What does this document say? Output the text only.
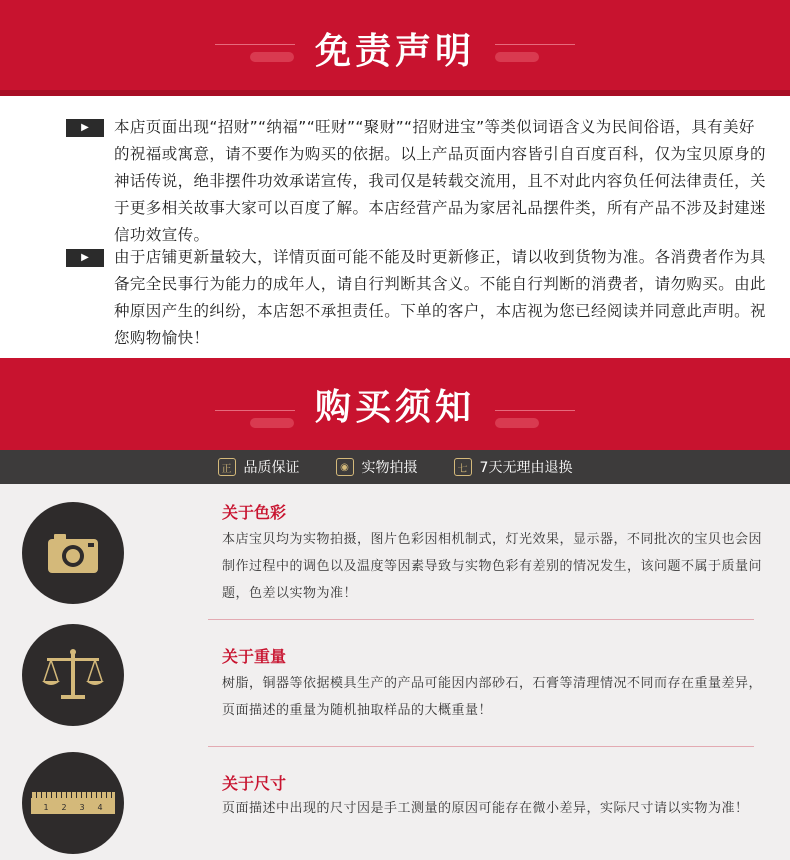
免责声明
▶ 本店页面出现“招财”“纳福”“旺财”“聚财”“招财进宝”等类似词语含义为民间俗语，具有美好的祝福或寓意，请不要作为购买的依据。以上产品页面内容皆引自百度百科，仅为宝贝原身的神话传说，绝非摆件功效承诺宣传，我司仅是转载交流用，且不对此内容负任何法律责任，关于更多相关故事大家可以百度了解。本店经营产品为家居礼品摆件类，所有产品不涉及封建迷信功效宣传。
▶ 由于店铺更新量较大，详情页面可能不能及时更新修正，请以收到货物为准。各消费者作为具备完全民事行为能力的成年人，请自行判断其含义。不能自行判断的消费者，请勿购买。由此种原因产生的纠纷，本店恕不承担责任。下单的客户，本店视为您已经阅读并同意此声明。祝您购物愉快！
购买须知
正 品质保证	◉ 实物拍摄	七 7天无理由退换
关于色彩
本店宝贝均为实物拍摄，图片色彩因相机制式，灯光效果，显示器，不同批次的宝贝也会因制作过程中的调色以及温度等因素导致与实物色彩有差别的情况发生，该问题不属于质量问题，色差以实物为准！
关于重量
树脂，铜器等依据模具生产的产品可能因内部砂石，石膏等清理情况不同而存在重量差异，页面描述的重量为随机抽取样品的大概重量！
1 2 3 4
关于尺寸
页面描述中出现的尺寸因是手工测量的原因可能存在微小差异，实际尺寸请以实物为准！
